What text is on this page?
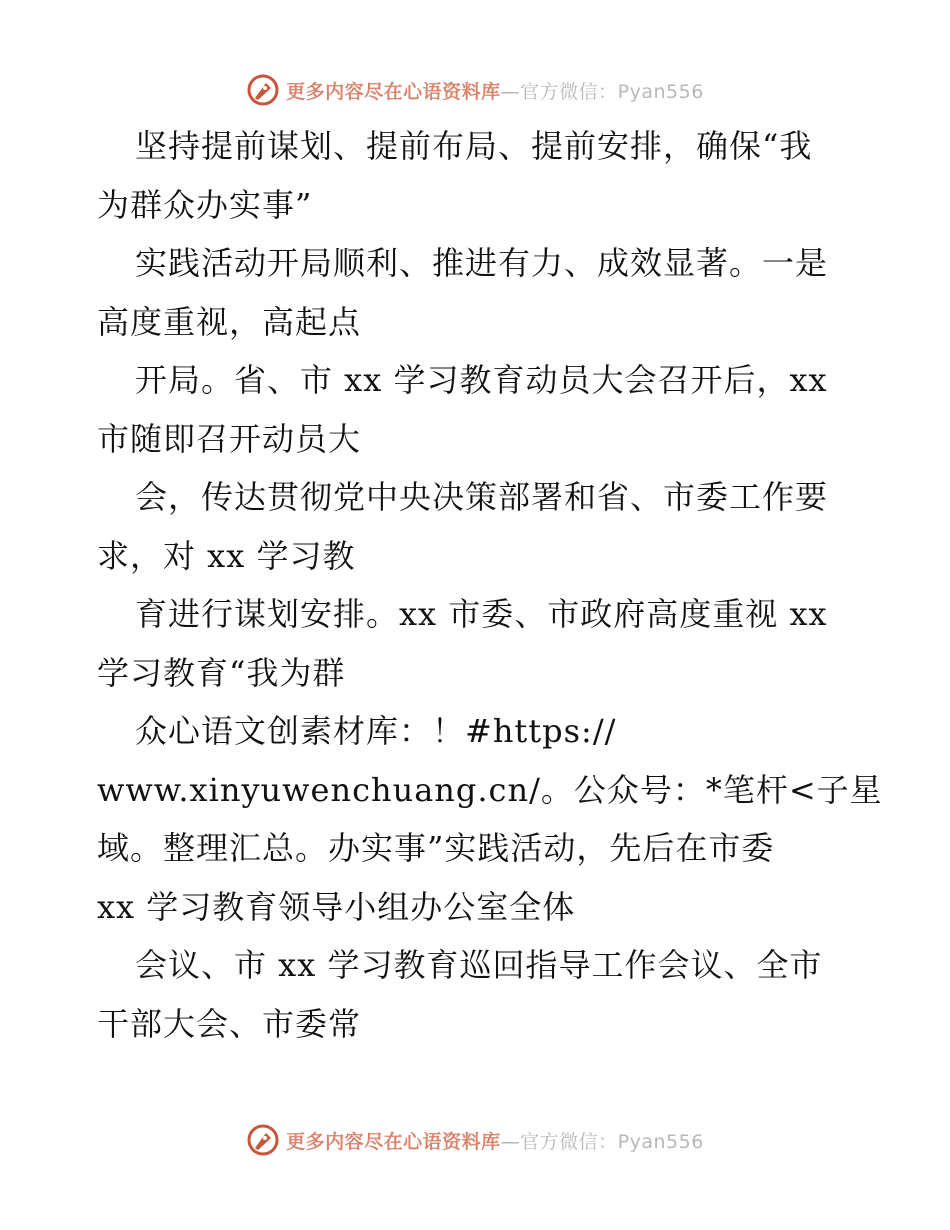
更多内容尽在心语资料库—官方微信：Pyan556
坚持提前谋划、提前布局、提前安排，确保“我
为群众办实事”
实践活动开局顺利、推进有力、成效显著。一是
高度重视，高起点
开局。省、市 xx 学习教育动员大会召开后，xx
市随即召开动员大
会，传达贯彻党中央决策部署和省、市委工作要
求，对 xx 学习教
育进行谋划安排。xx 市委、市政府高度重视 xx
学习教育“我为群
众心语文创素材库：！#https://
www.xinyuwenchuang.cn/。公众号：*笔杆<子星
域。整理汇总。办实事”实践活动，先后在市委
xx 学习教育领导小组办公室全体
会议、市 xx 学习教育巡回指导工作会议、全市
干部大会、市委常
更多内容尽在心语资料库—官方微信：Pyan556
